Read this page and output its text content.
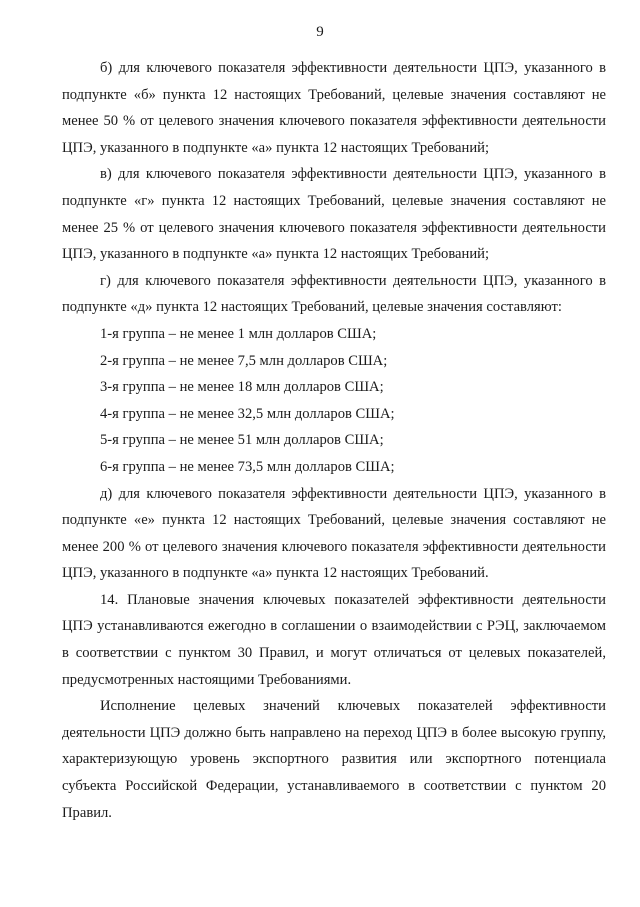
9

б) для ключевого показателя эффективности деятельности ЦПЭ, указанного в подпункте «б» пункта 12 настоящих Требований, целевые значения составляют не менее 50 % от целевого значения ключевого показателя эффективности деятельности ЦПЭ, указанного в подпункте «а» пункта 12 настоящих Требований;

в) для ключевого показателя эффективности деятельности ЦПЭ, указанного в подпункте «г» пункта 12 настоящих Требований, целевые значения составляют не менее 25 % от целевого значения ключевого показателя эффективности деятельности ЦПЭ, указанного в подпункте «а» пункта 12 настоящих Требований;

г) для ключевого показателя эффективности деятельности ЦПЭ, указанного в подпункте «д» пункта 12 настоящих Требований, целевые значения составляют:

1-я группа – не менее 1 млн долларов США;

2-я группа – не менее 7,5 млн долларов США;

3-я группа – не менее 18 млн долларов США;

4-я группа – не менее 32,5 млн долларов США;

5-я группа – не менее 51 млн долларов США;

6-я группа – не менее 73,5 млн долларов США;

д) для ключевого показателя эффективности деятельности ЦПЭ, указанного в подпункте «е» пункта 12 настоящих Требований, целевые значения составляют не менее 200 % от целевого значения ключевого показателя эффективности деятельности ЦПЭ, указанного в подпункте «а» пункта 12 настоящих Требований.

14. Плановые значения ключевых показателей эффективности деятельности ЦПЭ устанавливаются ежегодно в соглашении о взаимодействии с РЭЦ, заключаемом в соответствии с пунктом 30 Правил, и могут отличаться от целевых показателей, предусмотренных настоящими Требованиями.

Исполнение целевых значений ключевых показателей эффективности деятельности ЦПЭ должно быть направлено на переход ЦПЭ в более высокую группу, характеризующую уровень экспортного развития или экспортного потенциала субъекта Российской Федерации, устанавливаемого в соответствии с пунктом 20 Правил.
